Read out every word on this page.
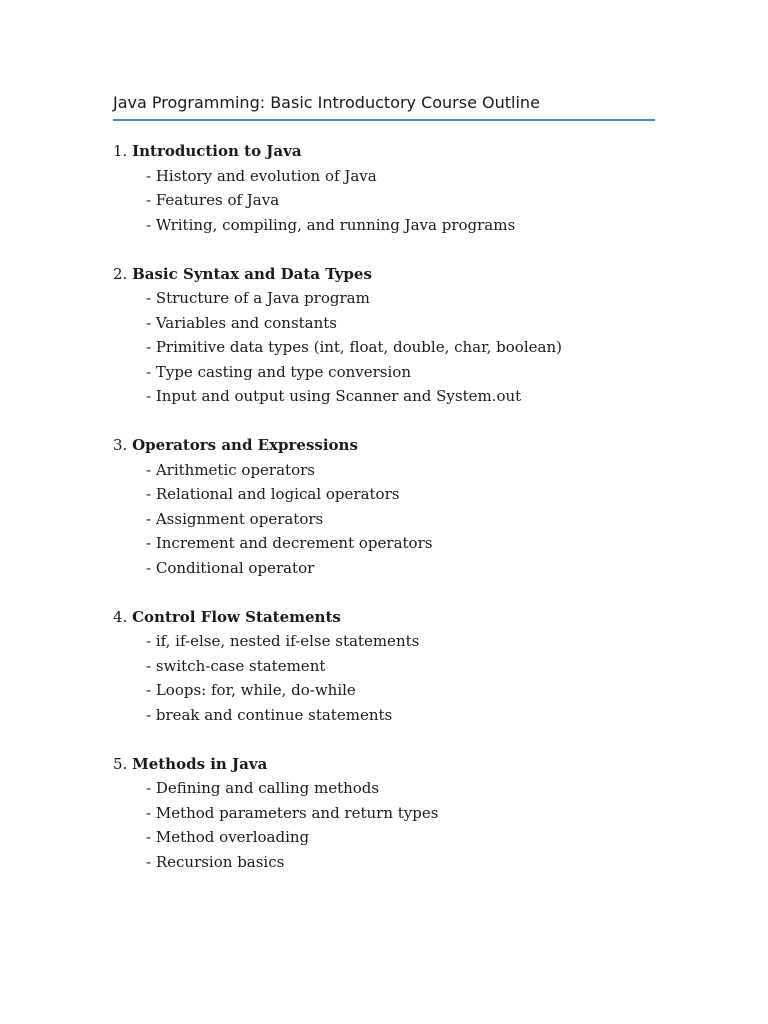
Java Programming: Basic Introductory Course Outline
1. Introduction to Java
- History and evolution of Java
- Features of Java
- Writing, compiling, and running Java programs
2. Basic Syntax and Data Types
- Structure of a Java program
- Variables and constants
- Primitive data types (int, float, double, char, boolean)
- Type casting and type conversion
- Input and output using Scanner and System.out
3. Operators and Expressions
- Arithmetic operators
- Relational and logical operators
- Assignment operators
- Increment and decrement operators
- Conditional operator
4. Control Flow Statements
- if, if-else, nested if-else statements
- switch-case statement
- Loops: for, while, do-while
- break and continue statements
5. Methods in Java
- Defining and calling methods
- Method parameters and return types
- Method overloading
- Recursion basics
